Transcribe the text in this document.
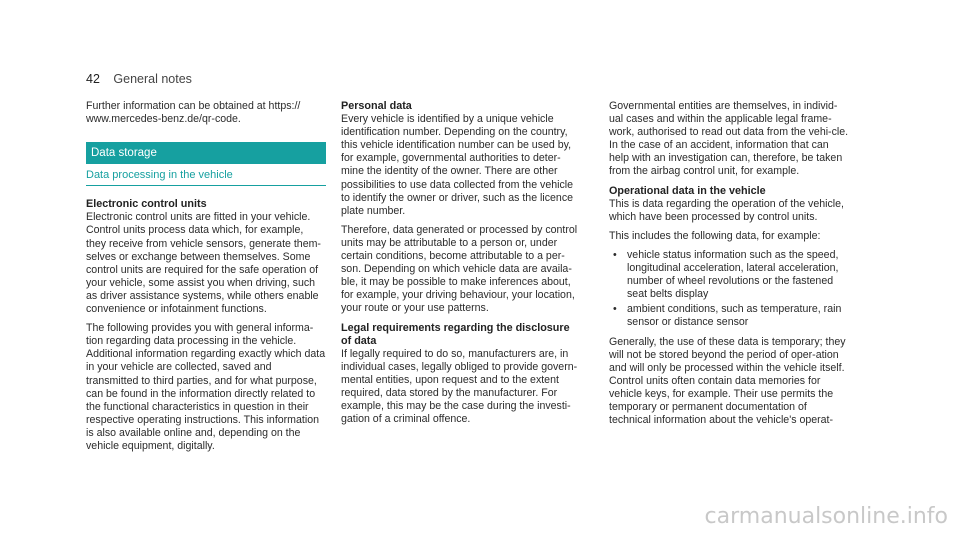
42 General notes

Further information can be obtained at https:// www.mercedes-benz.de/qr-code.

Data storage
Data processing in the vehicle

Electronic control units
Electronic control units are fitted in your vehicle. Control units process data which, for example, they receive from vehicle sensors, generate them-selves or exchange between themselves. Some control units are required for the safe operation of your vehicle, some assist you when driving, such as driver assistance systems, while others enable convenience or infotainment functions.

The following provides you with general informa-tion regarding data processing in the vehicle. Additional information regarding exactly which data in your vehicle are collected, saved and transmitted to third parties, and for what purpose, can be found in the information directly related to the functional characteristics in question in their respective operating instructions. This information is also available online and, depending on the vehicle equipment, digitally.

Personal data
Every vehicle is identified by a unique vehicle identification number. Depending on the country, this vehicle identification number can be used by, for example, governmental authorities to deter-mine the identity of the owner. There are other possibilities to use data collected from the vehicle to identify the owner or driver, such as the licence plate number.

Therefore, data generated or processed by control units may be attributable to a person or, under certain conditions, become attributable to a per-son. Depending on which vehicle data are availa-ble, it may be possible to make inferences about, for example, your driving behaviour, your location, your route or your use patterns.

Legal requirements regarding the disclosure of data
If legally required to do so, manufacturers are, in individual cases, legally obliged to provide govern-mental entities, upon request and to the extent required, data stored by the manufacturer. For example, this may be the case during the investi-gation of a criminal offence.

Governmental entities are themselves, in individ-ual cases and within the applicable legal frame-work, authorised to read out data from the vehi-cle. In the case of an accident, information that can help with an investigation can, therefore, be taken from the airbag control unit, for example.

Operational data in the vehicle
This is data regarding the operation of the vehicle, which have been processed by control units.

This includes the following data, for example:

• vehicle status information such as the speed, longitudinal acceleration, lateral acceleration, number of wheel revolutions or the fastened seat belts display
• ambient conditions, such as temperature, rain sensor or distance sensor

Generally, the use of these data is temporary; they will not be stored beyond the period of oper-ation and will only be processed within the vehicle itself. Control units often contain data memories for vehicle keys, for example. Their use permits the temporary or permanent documentation of technical information about the vehicle's operat-

carmanualsonline.info
